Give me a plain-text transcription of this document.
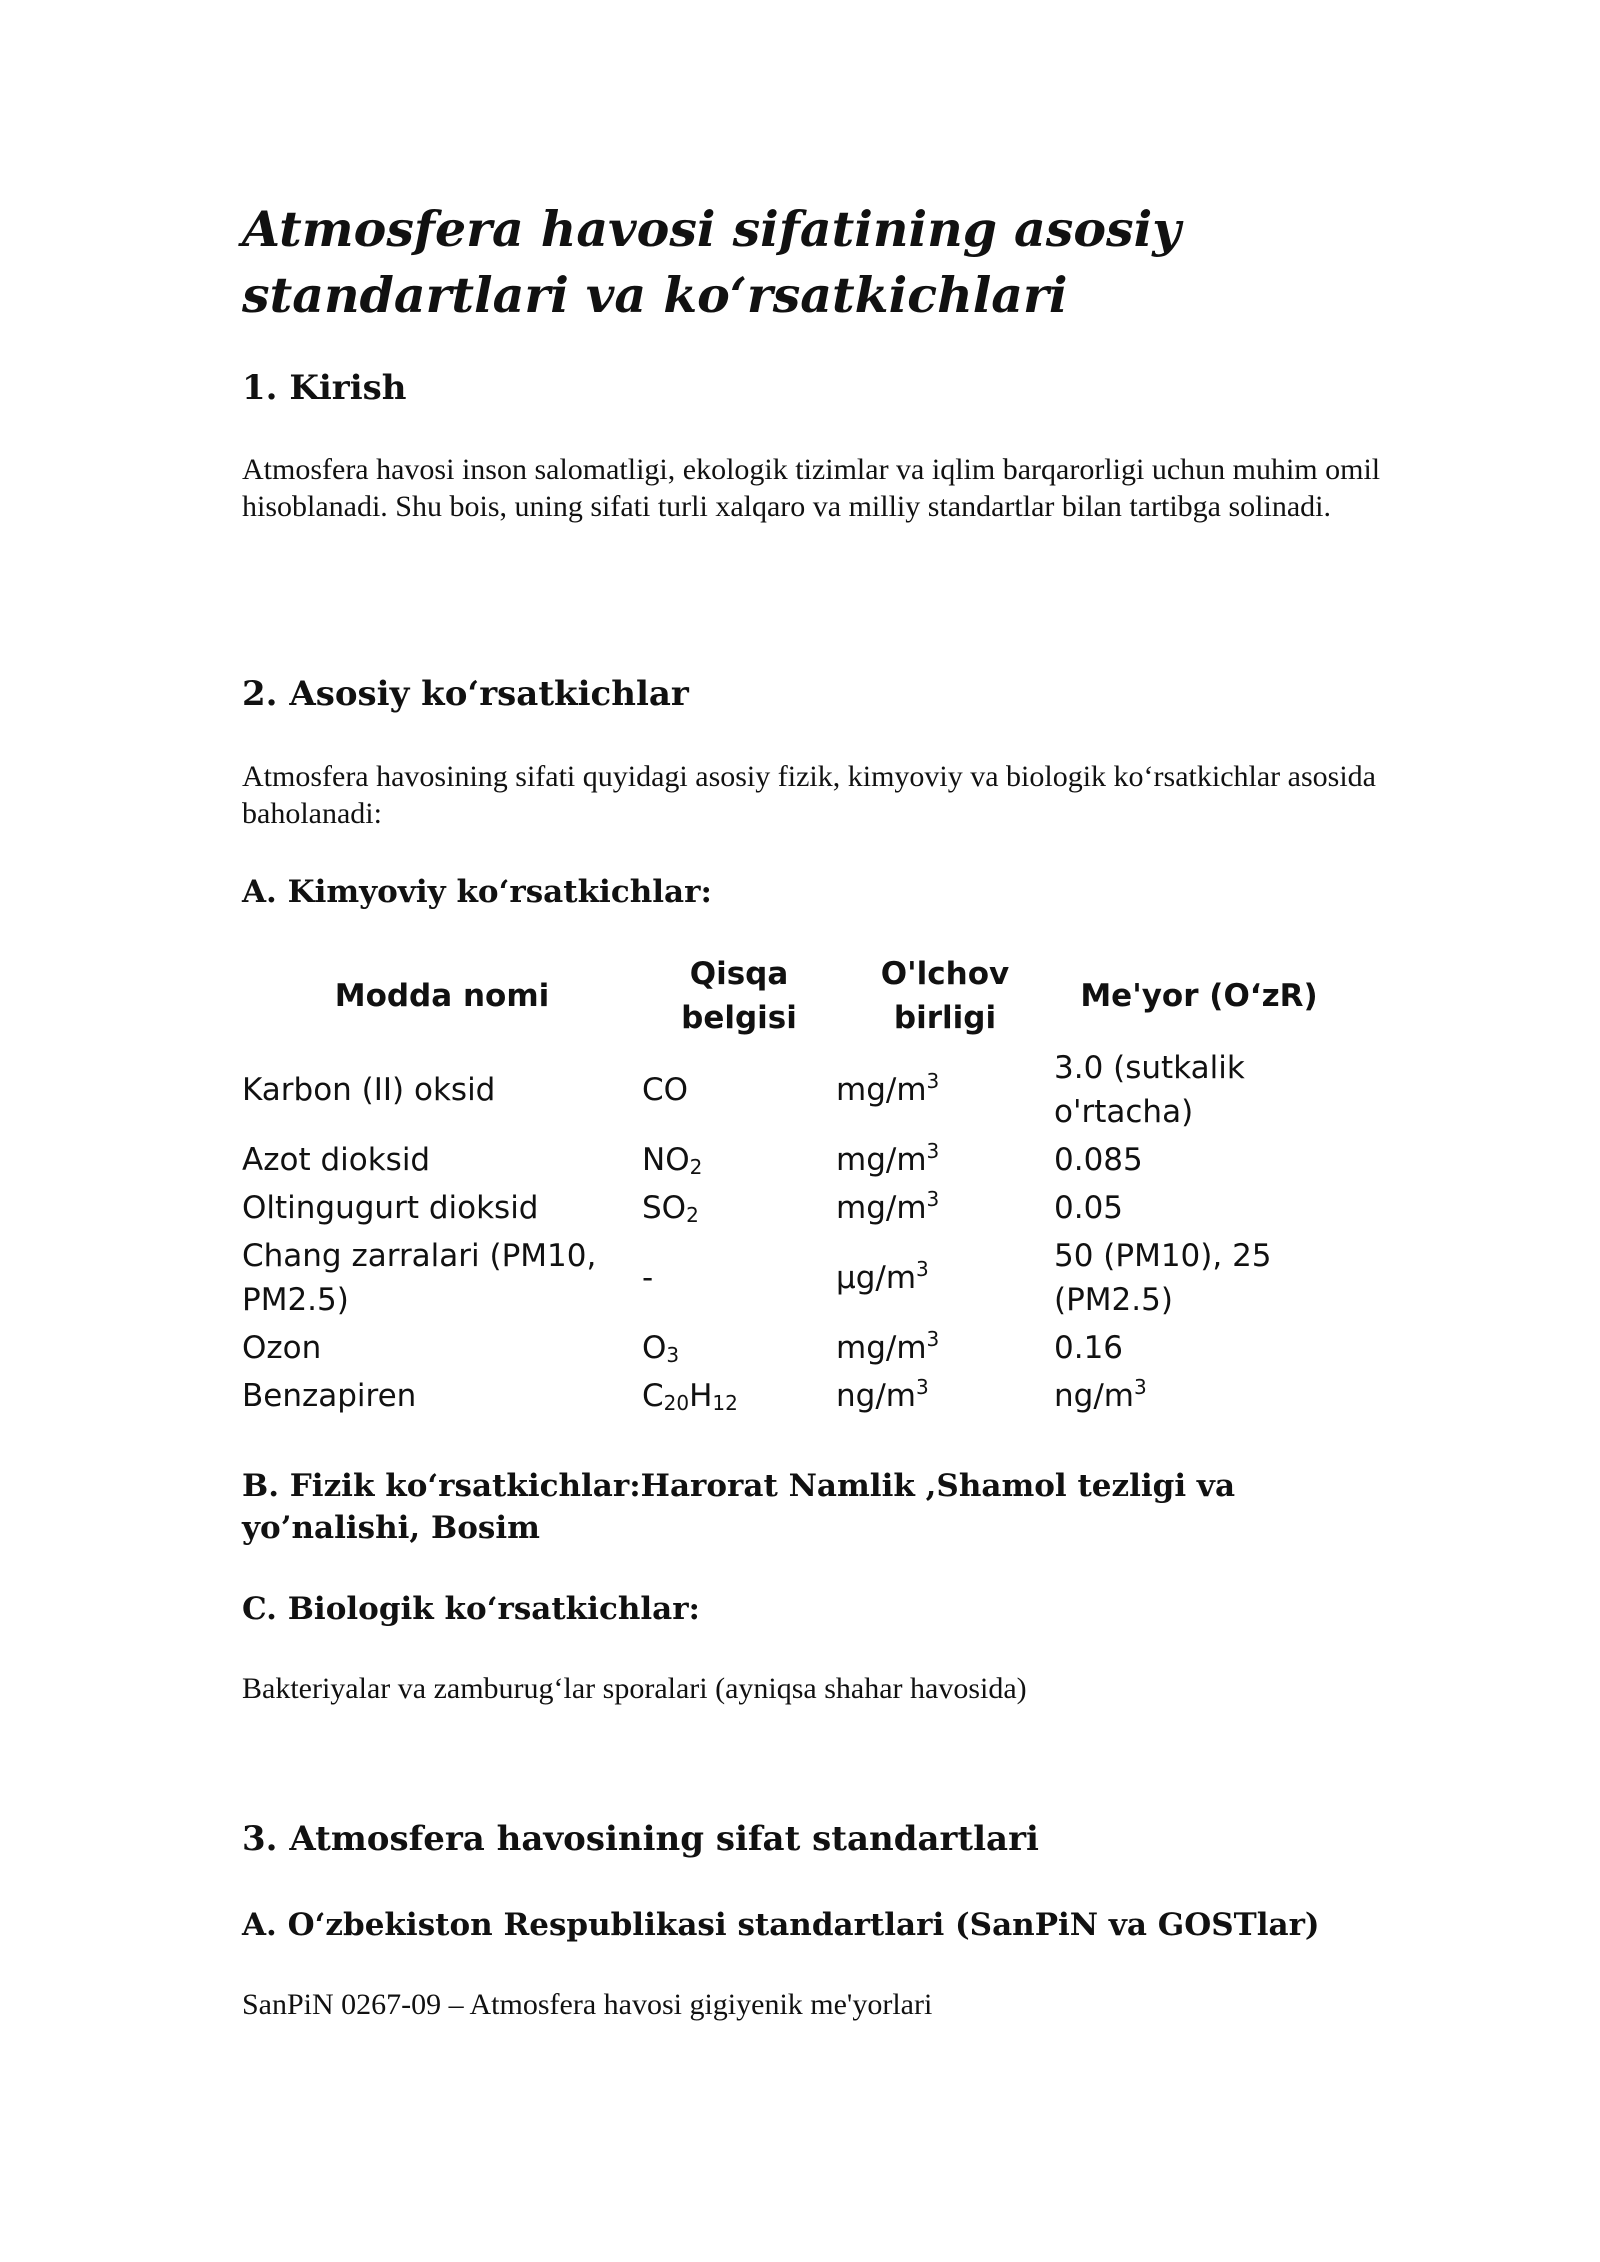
Atmosfera havosi sifatining asosiy standartlari va ko‘rsatkichlari
1. Kirish

Atmosfera havosi inson salomatligi, ekologik tizimlar va iqlim barqarorligi uchun muhim omil hisoblanadi. Shu bois, uning sifati turli xalqaro va milliy standartlar bilan tartibga solinadi.

2. Asosiy ko‘rsatkichlar

Atmosfera havosining sifati quyidagi asosiy fizik, kimyoviy va biologik ko‘rsatkichlar asosida baholanadi:

A. Kimyoviy ko‘rsatkichlar:
Modda nomi	Qisqa belgisi	O'lchov birligi	Me'yor (O‘zR)
Karbon (II) oksid	CO	$mg/m^3$	3.0 (sutkalik o'rtacha)
Azot dioksid	$NO_2$	$mg/m^3$	0.085
Oltingugurt dioksid	$SO_2$	$mg/m^3$	0.05
Chang zarralari (PM10, PM2.5)	-	$\mu g/m^3$	50 (PM10), 25 (PM2.5)
Ozon	$O_3$	$mg/m^3$	0.16
Benzapiren	$C_{20}H_{12}$	$ng/m^3$	$ng/m^3$
B. Fizik ko‘rsatkichlar:Harorat Namlik ,Shamol tezligi va yo’nalishi, Bosim
C. Biologik ko‘rsatkichlar:

Bakteriyalar va zamburug‘lar sporalari (ayniqsa shahar havosida)

3. Atmosfera havosining sifat standartlari
A. O‘zbekiston Respublikasi standartlari (SanPiN va GOSTlar)

SanPiN 0267-09 – Atmosfera havosi gigiyenik me'yorlari
